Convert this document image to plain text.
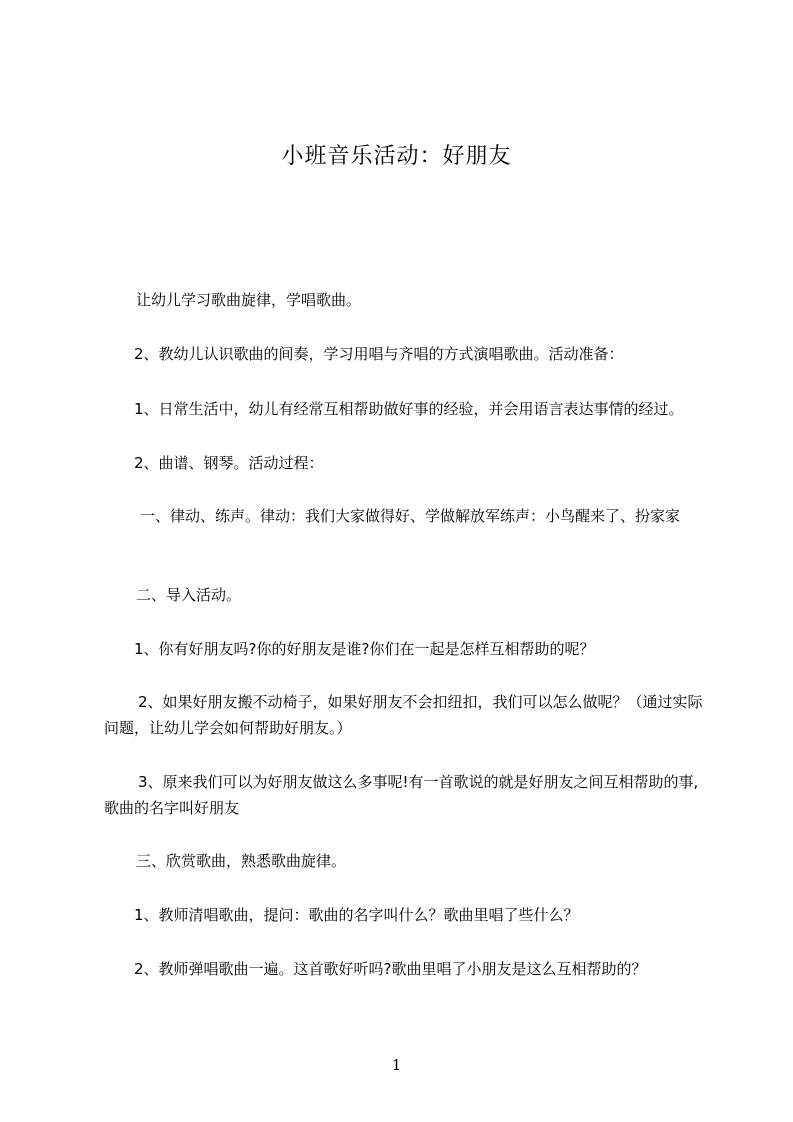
小班音乐活动：好朋友

让幼儿学习歌曲旋律，学唱歌曲。

2、教幼儿认识歌曲的间奏，学习用唱与齐唱的方式演唱歌曲。活动准备：

1、日常生活中，幼儿有经常互相帮助做好事的经验，并会用语言表达事情的经过。

2、曲谱、钢琴。活动过程：

一、律动、练声。律动：我们大家做得好、学做解放军练声：小鸟醒来了、扮家家

二、导入活动。

1、你有好朋友吗?你的好朋友是谁?你们在一起是怎样互相帮助的呢？

2、如果好朋友搬不动椅子，如果好朋友不会扣纽扣，我们可以怎么做呢？（通过实际问题，让幼儿学会如何帮助好朋友。）

3、原来我们可以为好朋友做这么多事呢!有一首歌说的就是好朋友之间互相帮助的事,歌曲的名字叫好朋友

三、欣赏歌曲，熟悉歌曲旋律。

1、教师清唱歌曲，提问：歌曲的名字叫什么？歌曲里唱了些什么？

2、教师弹唱歌曲一遍。这首歌好听吗?歌曲里唱了小朋友是这么互相帮助的？

1
